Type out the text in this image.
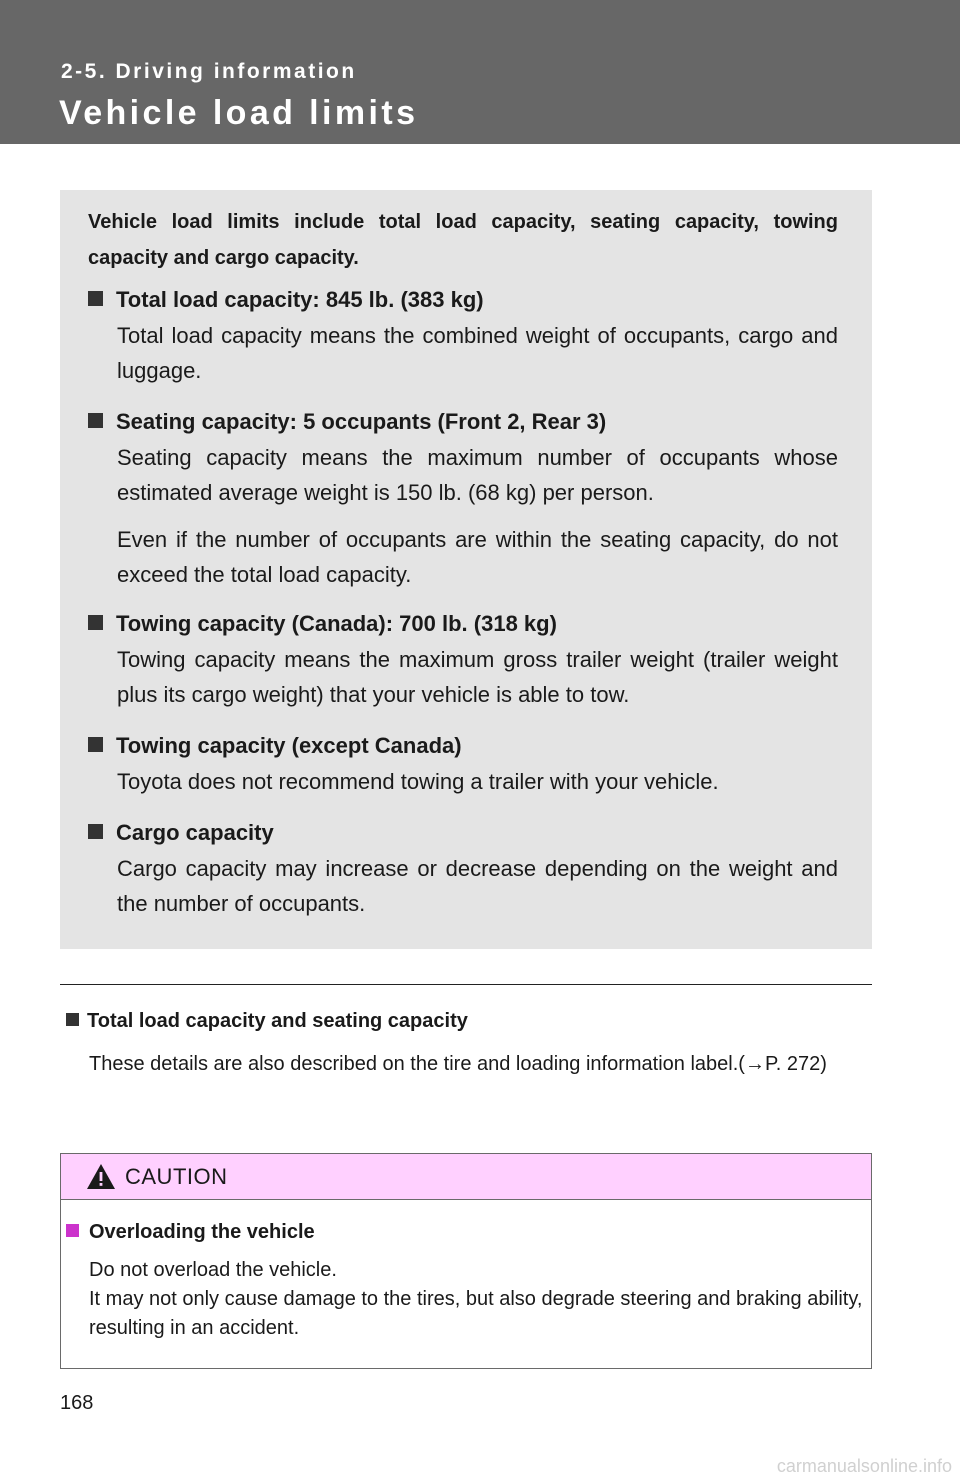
2-5. Driving information
Vehicle load limits
Vehicle load limits include total load capacity, seating capacity, towing capacity and cargo capacity.
Total load capacity: 845 lb. (383 kg)
Total load capacity means the combined weight of occupants, cargo and luggage.
Seating capacity: 5 occupants (Front 2, Rear 3)
Seating capacity means the maximum number of occupants whose estimated average weight is 150 lb. (68 kg) per person.
Even if the number of occupants are within the seating capacity, do not exceed the total load capacity.
Towing capacity (Canada): 700 lb. (318 kg)
Towing capacity means the maximum gross trailer weight (trailer weight plus its cargo weight) that your vehicle is able to tow.
Towing capacity (except Canada)
Toyota does not recommend towing a trailer with your vehicle.
Cargo capacity
Cargo capacity may increase or decrease depending on the weight and the number of occupants.
Total load capacity and seating capacity
These details are also described on the tire and loading information label.(→P. 272)
CAUTION
Overloading the vehicle
Do not overload the vehicle.
It may not only cause damage to the tires, but also degrade steering and braking ability, resulting in an accident.
168
carmanualsonline.info
